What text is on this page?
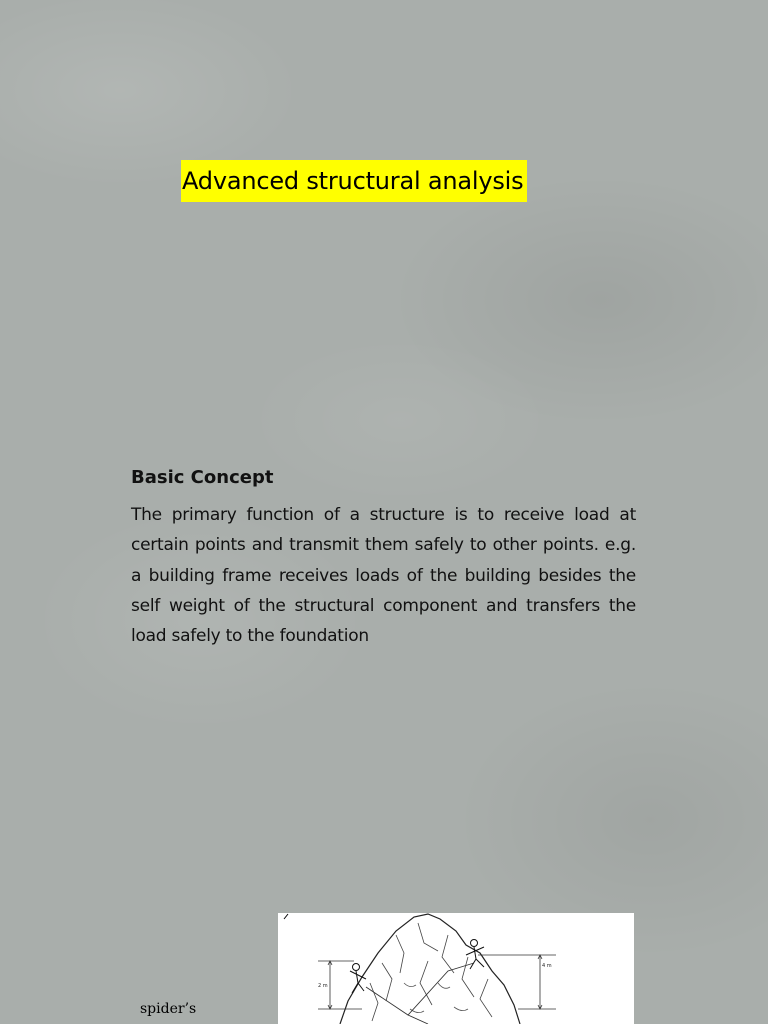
Advanced structural analysis

Basic Concept

The primary function of a structure is to receive load at certain points and transmit them safely to other points. e.g. a building frame receives loads of the building besides the self weight of the structural component and transfers the load safely to the foundation

2 m
4 m
spider’s
